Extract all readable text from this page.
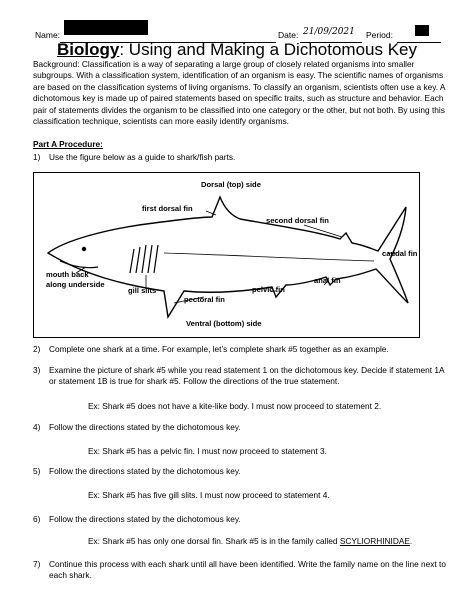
Name:	Date: 21/09/2021 Period:
Biology: Using and Making a Dichotomous Key
Background: Classification is a way of separating a large group of closely related organisms into smaller subgroups. With a classification system, identification of an organism is easy. The scientific names of organisms are based on the classification systems of living organisms. To classify an organism, scientists often use a key. A dichotomous key is made up of paired statements based on specific traits, such as structure and behavior. Each pair of statements divides the organism to be classified into one category or the other, but not both. By using this classification technique, scientists can more easily identify organisms.
Part A Procedure:
1) Use the figure below as a guide to shark/fish parts.
Dorsal (top) side
first dorsal fin
second dorsal fin
caudal fin
mouth back
along underside
gill slits
pectoral fin
pelvic fin
anal fin
Ventral (bottom) side
2) Complete one shark at a time. For example, let’s complete shark #5 together as an example.
3) Examine the picture of shark #5 while you read statement 1 on the dichotomous key. Decide if statement 1A or statement 1B is true for shark #5. Follow the directions of the true statement.
Ex: Shark #5 does not have a kite-like body. I must now proceed to statement 2.
4) Follow the directions stated by the dichotomous key.
Ex: Shark #5 has a pelvic fin. I must now proceed to statement 3.
5) Follow the directions stated by the dichotomous key.
Ex: Shark #5 has five gill slits. I must now proceed to statement 4.
6) Follow the directions stated by the dichotomous key.
Ex: Shark #5 has only one dorsal fin. Shark #5 is in the family called SCYLIORHINIDAE.
7) Continue this process with each shark until all have been identified. Write the family name on the line next to each shark.
